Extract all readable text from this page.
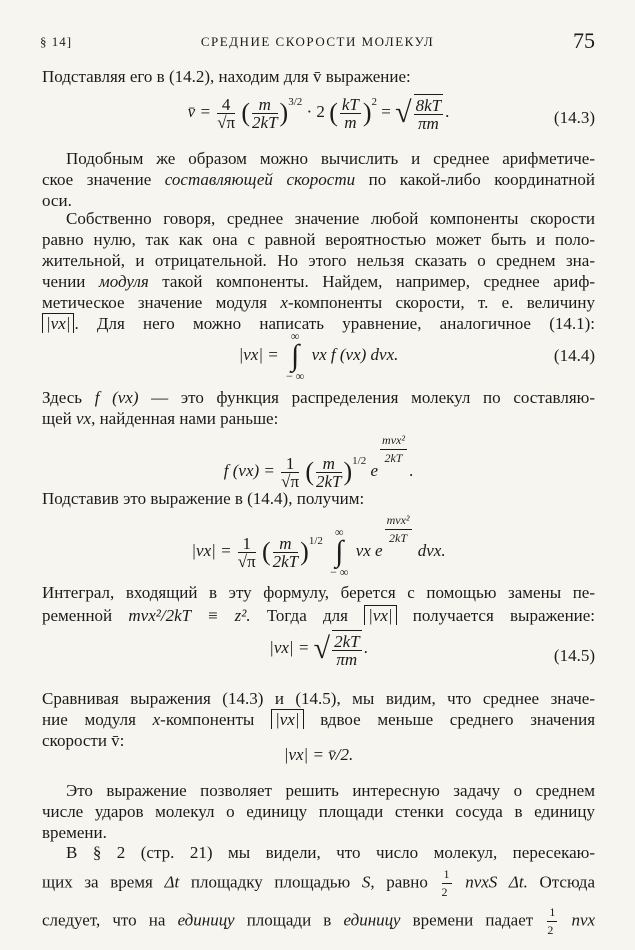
§ 14]	СРЕДНИЕ СКОРОСТИ МОЛЕКУЛ	75
Подставляя его в (14.2), находим для v̄ выражение:
v̄ = $\frac{4}{√\pi}$ ( $\frac{m}{2kT} )3/2 \cdot 2$ ( $\frac{kT}{m} )2$ = √ $\frac{8kT}{\pi m}$ .	(14.3)
Подобным же образом можно вычислить и среднее арифметиче-
ское значение составляющей скорости по какой-либо координатной
оси.
Собственно говоря, среднее значение любой компоненты скорости
равно нулю, так как она с равной вероятностью может быть и поло-
жительной, и отрицательной. Но этого нельзя сказать о среднем зна-
чении модуля такой компоненты. Найдем, например, среднее ариф-
метическое значение модуля x-компоненты скорости, т. е. величину
|vx| . Для него можно написать уравнение, аналогичное (14.1):
|vx| =
∞
∫
− ∞
vx f (vx) dvx.	(14.4)
Здесь f (vx) — это функция распределения молекул по составляю-
щей vx, найденная нами раньше:
f $(vx) = \frac{1}{√\pi}$ ( $\frac{m}{2kT} )1/2$ e
$\frac{\text{mvx²}}{2kT}$
.
Подставив это выражение в (14.4), получим:
$|vx| = \frac{1}{√\pi}$ ( $\frac{m}{2kT} )1/2$
∞
∫
− ∞
vx e
$\frac{\text{mvx²}}{2kT}$
dvx.
Интеграл, входящий в эту формулу, берется с помощью замены пе-
ременной mvx²/2kT ≡ z². Тогда для |vx| получается выражение:
|vx| = √ $\frac{2kT}{\pi m}$ .	(14.5)
Сравнивая выражения (14.3) и (14.5), мы видим, что среднее значе-
ние модуля x-компоненты |vx| вдвое меньше среднего значения
скорости v̄:
|vx| = v̄/2.
Это выражение позволяет решить интересную задачу о среднем
числе ударов молекул о единицу площади стенки сосуда в единицу
времени.
В § 2 (стр. 21) мы видели, что число молекул, пересекаю-
щих за время Δt площадку площадью S, равно $\frac{1}{2}$ nvxS Δt. Отсюда
следует, что на единицу площади в единицу времени падает $\frac{1}{2}$ nvx
